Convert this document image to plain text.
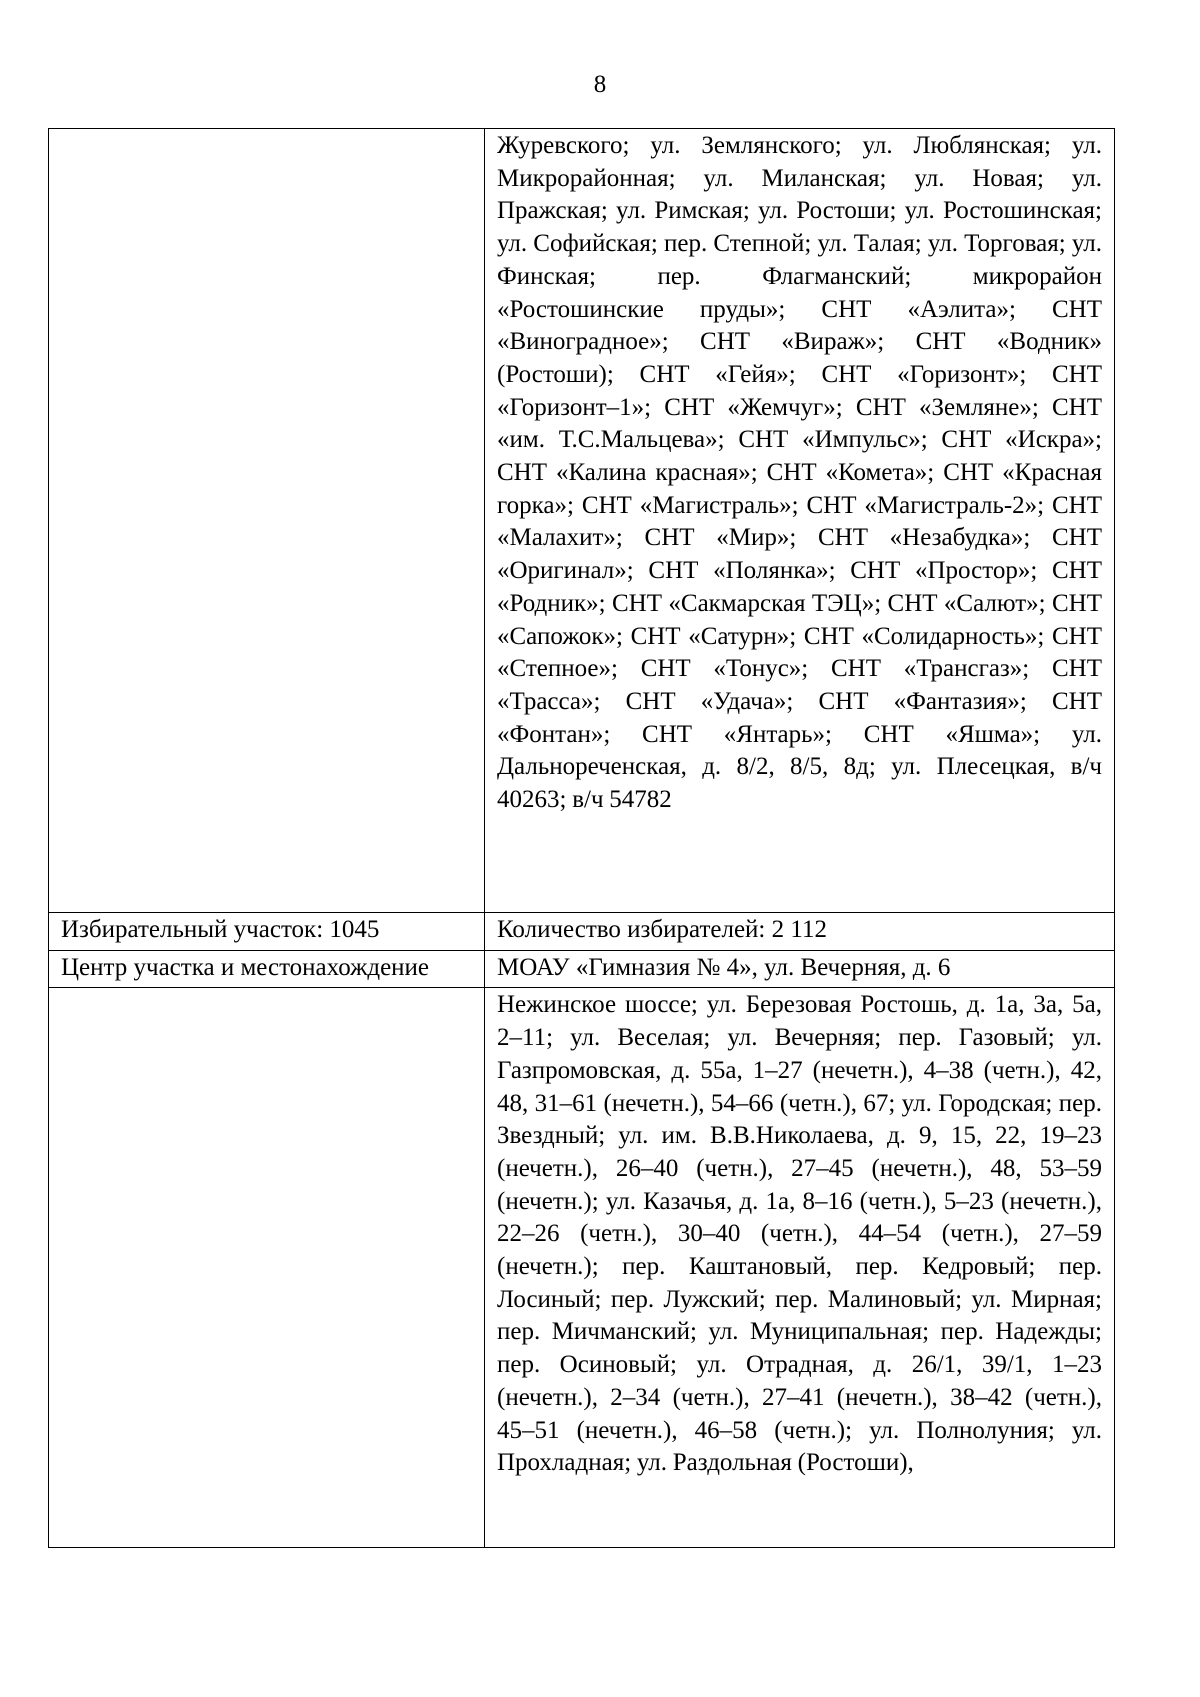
8
	Журевского; ул. Землянского; ул. Люблянская; ул. Микрорайонная; ул. Миланская; ул. Новая; ул. Пражская; ул. Римская; ул. Ростоши; ул. Ростошинская; ул. Софийская; пер. Степной; ул. Талая; ул. Торговая; ул. Финская; пер. Флагманский; микрорайон «Ростошинские пруды»; СНТ «Аэлита»; СНТ «Виноградное»; СНТ «Вираж»; СНТ «Водник» (Ростоши); СНТ «Гейя»; СНТ «Горизонт»; СНТ «Горизонт–1»; СНТ «Жемчуг»; СНТ «Земляне»; СНТ «им. Т.С.Мальцева»; СНТ «Импульс»; СНТ «Искра»; СНТ «Калина красная»; СНТ «Комета»; СНТ «Красная горка»; СНТ «Магистраль»; СНТ «Магистраль-2»; СНТ «Малахит»; СНТ «Мир»; СНТ «Незабудка»; СНТ «Оригинал»; СНТ «Полянка»; СНТ «Простор»; СНТ «Родник»; СНТ «Сакмарская ТЭЦ»; СНТ «Салют»; СНТ «Сапожок»; СНТ «Сатурн»; СНТ «Солидарность»; СНТ «Степное»; СНТ «Тонус»; СНТ «Трансгаз»; СНТ «Трасса»; СНТ «Удача»; СНТ «Фантазия»; СНТ «Фонтан»; СНТ «Янтарь»; СНТ «Яшма»; ул. Дальнореченская, д. 8/2, 8/5, 8д; ул. Плесецкая, в/ч 40263; в/ч 54782
Избирательный участок: 1045	Количество избирателей: 2 112
Центр участка и местонахождение	МОАУ «Гимназия № 4», ул. Вечерняя, д. 6
	Нежинское шоссе; ул. Березовая Ростошь, д. 1а, 3а, 5а, 2–11; ул. Веселая; ул. Вечерняя; пер. Газовый; ул. Газпромовская, д. 55а, 1–27 (нечетн.), 4–38 (четн.), 42, 48, 31–61 (нечетн.), 54–66 (четн.), 67; ул. Городская; пер. Звездный; ул. им. В.В.Николаева, д. 9, 15, 22, 19–23 (нечетн.), 26–40 (четн.), 27–45 (нечетн.), 48, 53–59 (нечетн.); ул. Казачья, д. 1а, 8–16 (четн.), 5–23 (нечетн.), 22–26 (четн.), 30–40 (четн.), 44–54 (четн.), 27–59 (нечетн.); пер. Каштановый, пер. Кедровый; пер. Лосиный; пер. Лужский; пер. Малиновый; ул. Мирная; пер. Мичманский; ул. Муниципальная; пер. Надежды; пер. Осиновый; ул. Отрадная, д. 26/1, 39/1, 1–23 (нечетн.), 2–34 (четн.), 27–41 (нечетн.), 38–42 (четн.), 45–51 (нечетн.), 46–58 (четн.); ул. Полнолуния; ул. Прохладная; ул. Раздольная (Ростоши),
